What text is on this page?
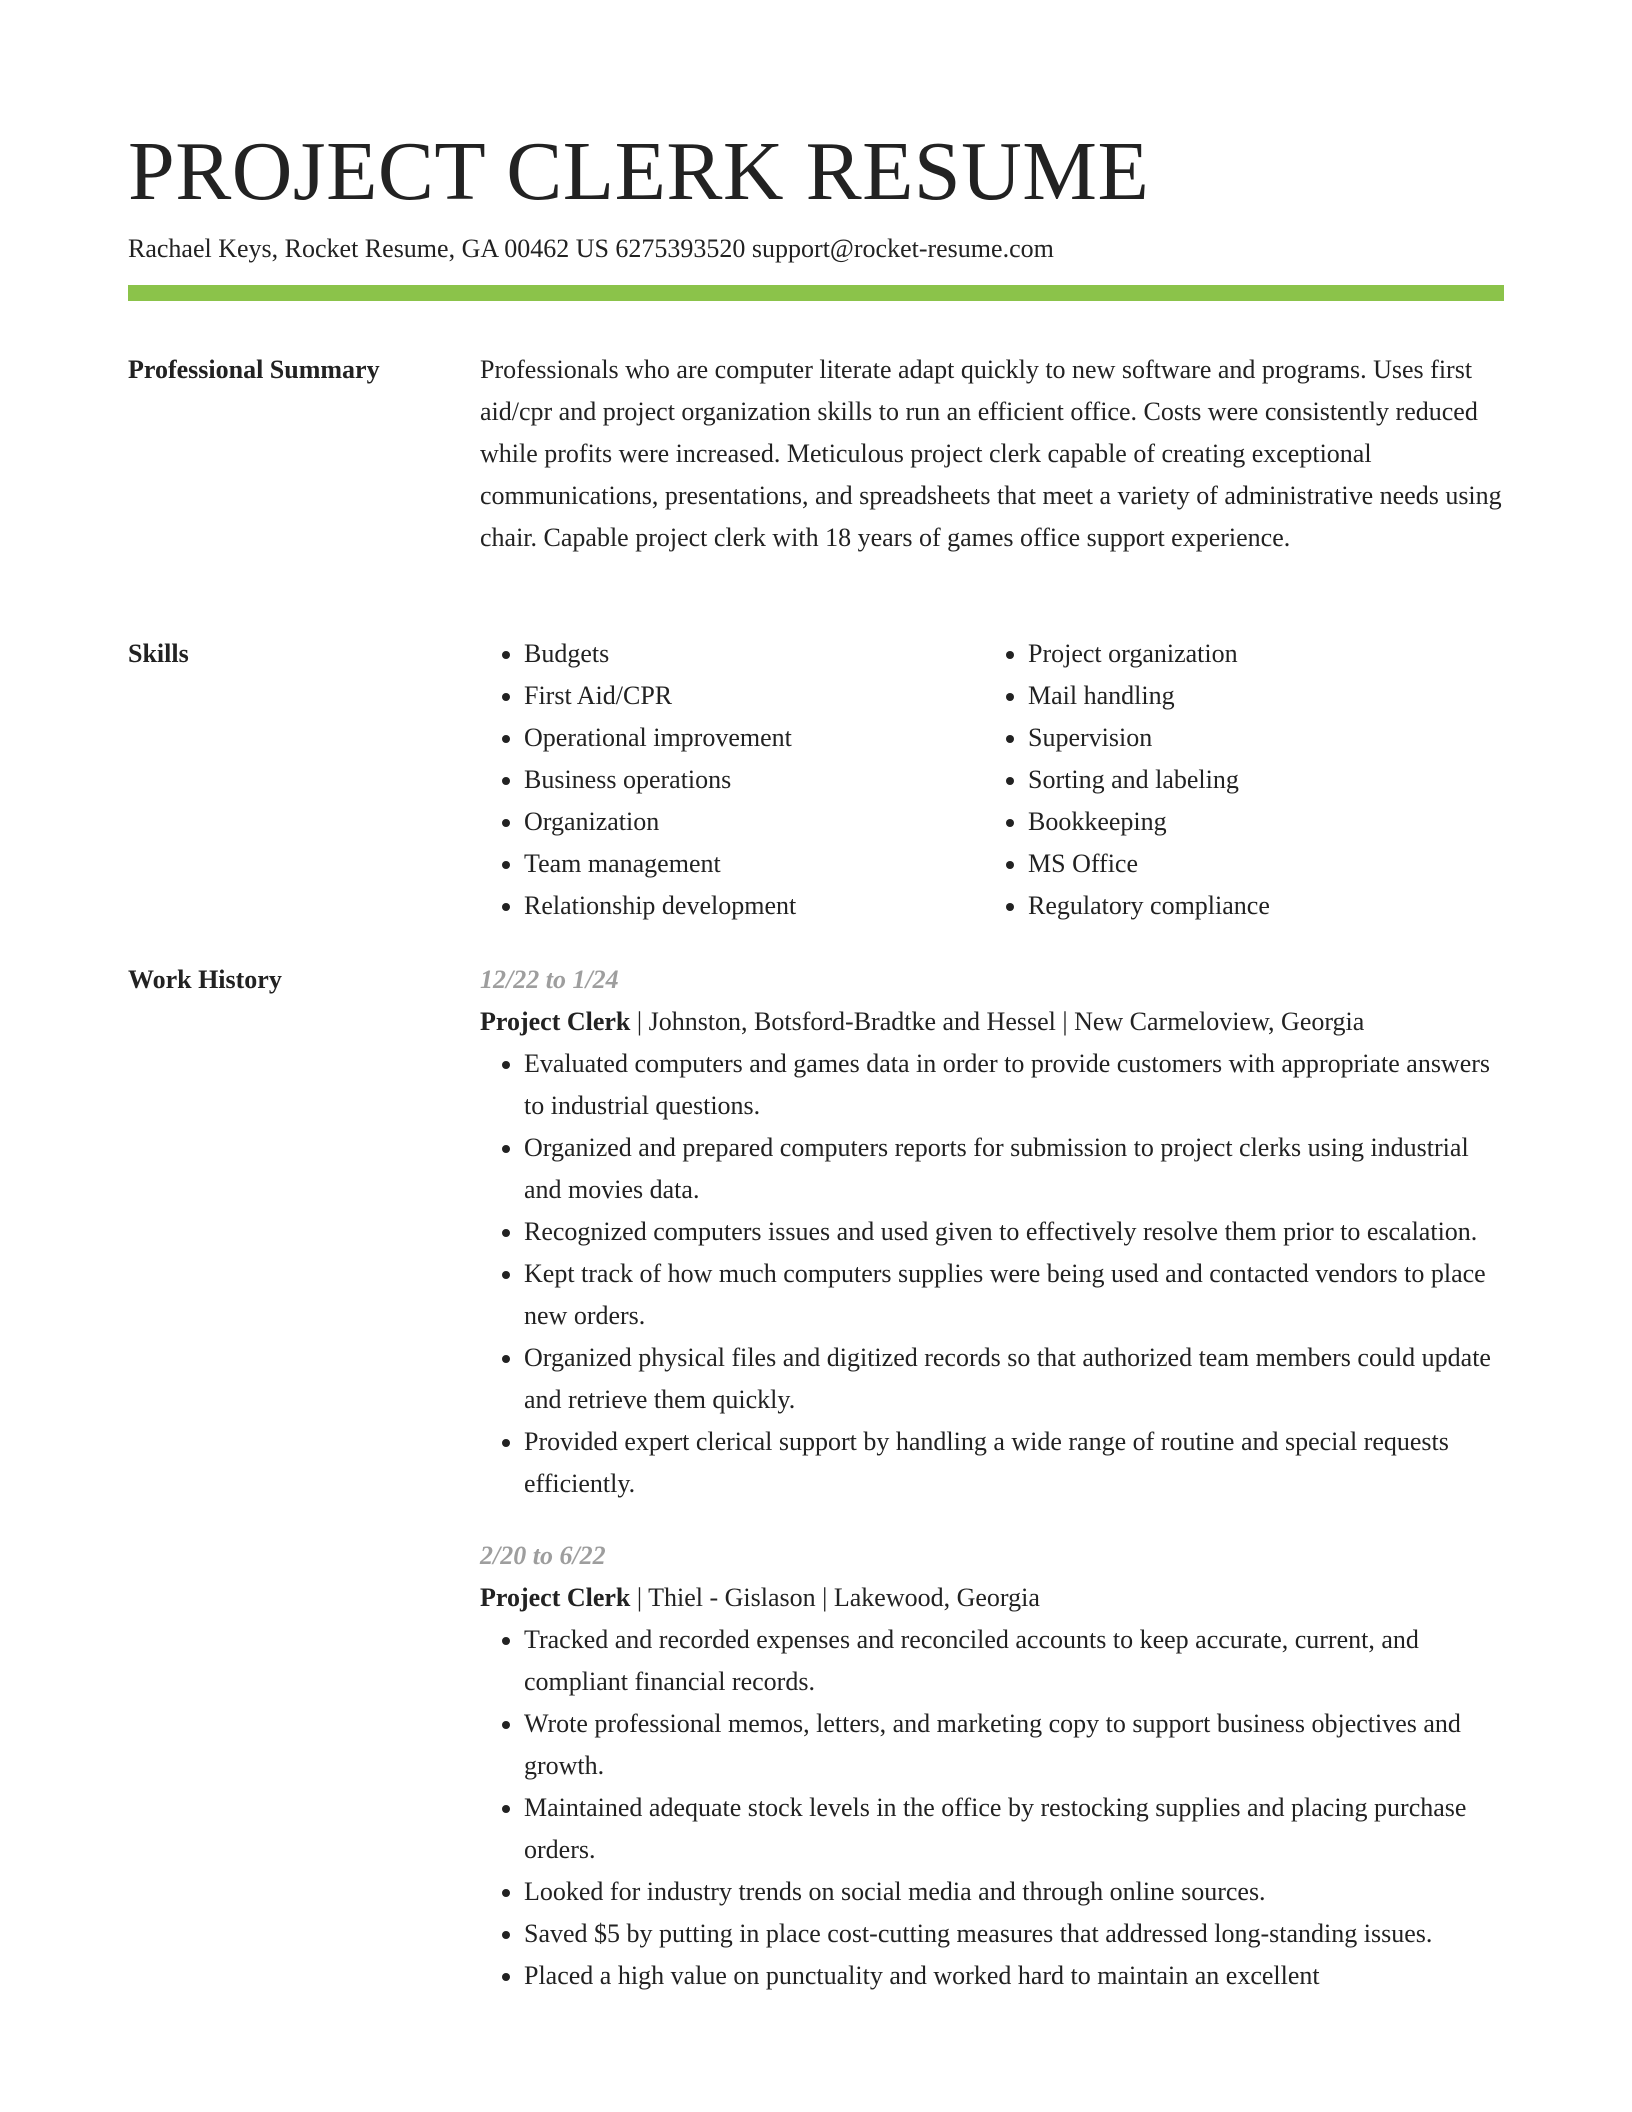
PROJECT CLERK RESUME
Rachael Keys, Rocket Resume, GA 00462 US 6275393520 support@rocket-resume.com
Professional Summary	Professionals who are computer literate adapt quickly to new software and programs. Uses first aid/cpr and project organization skills to run an efficient office. Costs were consistently reduced while profits were increased. Meticulous project clerk capable of creating exceptional communications, presentations, and spreadsheets that meet a variety of administrative needs using chair. Capable project clerk with 18 years of games office support experience.

Skills
•	Budgets
• First Aid/CPR
• Operational improvement
• Business operations
• Organization
• Team management
• Relationship development
• Project organization
• Mail handling
• Supervision
• Sorting and labeling
• Bookkeeping
• MS Office
• Regulatory compliance
Work History	12/22 to 1/24
Project Clerk | Johnston, Botsford-Bradtke and Hessel | New Carmeloview, Georgia
• Evaluated computers and games data in order to provide customers with appropriate answers to industrial questions.
• Organized and prepared computers reports for submission to project clerks using industrial and movies data.
• Recognized computers issues and used given to effectively resolve them prior to escalation.
• Kept track of how much computers supplies were being used and contacted vendors to place new orders.
• Organized physical files and digitized records so that authorized team members could update and retrieve them quickly.
• Provided expert clerical support by handling a wide range of routine and special requests efficiently.
2/20 to 6/22
Project Clerk | Thiel - Gislason | Lakewood, Georgia
• Tracked and recorded expenses and reconciled accounts to keep accurate, current, and compliant financial records.
• Wrote professional memos, letters, and marketing copy to support business objectives and growth.
• Maintained adequate stock levels in the office by restocking supplies and placing purchase orders.
• Looked for industry trends on social media and through online sources.
• Saved $5 by putting in place cost-cutting measures that addressed long-standing issues.
• Placed a high value on punctuality and worked hard to maintain an excellent
